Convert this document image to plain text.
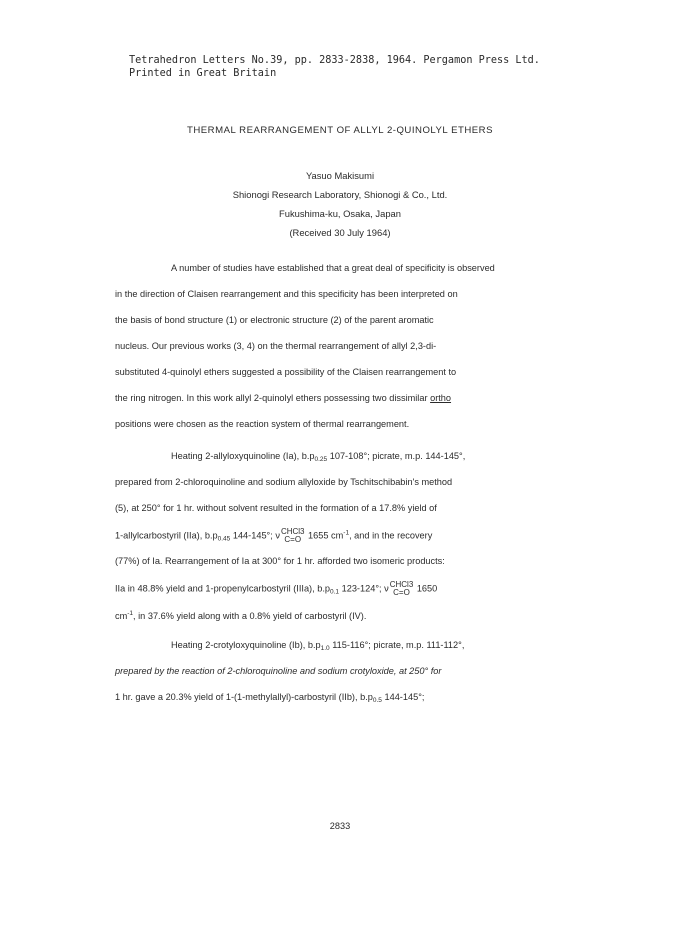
Tetrahedron Letters No.39, pp. 2833-2838, 1964. Pergamon Press Ltd.
Printed in Great Britain
THERMAL REARRANGEMENT OF ALLYL 2-QUINOLYL ETHERS
Yasuo Makisumi
Shionogi Research Laboratory, Shionogi & Co., Ltd.
Fukushima-ku, Osaka, Japan
(Received 30 July 1964)
A number of studies have established that a great deal of specificity is observed
in the direction of Claisen rearrangement and this specificity has been interpreted on
the basis of bond structure (1) or electronic structure (2) of the parent aromatic
nucleus. Our previous works (3, 4) on the thermal rearrangement of allyl 2,3-di-
substituted 4-quinolyl ethers suggested a possibility of the Claisen rearrangement to
the ring nitrogen. In this work allyl 2-quinolyl ethers possessing two dissimilar ortho
positions were chosen as the reaction system of thermal rearrangement.
Heating 2-allyloxyquinoline (Ia), $b.p_{0.25}$ 107-108°; picrate, m.p. 144-145°,
prepared from 2-chloroquinoline and sodium allyloxide by Tschitschibabin's method
(5), at 250° for 1 hr. without solvent resulted in the formation of a 17.8% yield of
1-allylcarbostyril (IIa), $b.p_{0.45}$ 144-145°; ν CHCl3
C=O 1655 $cm^{-1}$, and in the recovery
(77%) of Ia. Rearrangement of Ia at 300° for 1 hr. afforded two isomeric products:
IIa in 48.8% yield and 1-propenylcarbostyril (IIIa), $b.p_{0.1}$ 123-124°; ν CHCl3
C=O 1650
$cm^{-1}$, in 37.6% yield along with a 0.8% yield of carbostyril (IV).
Heating 2-crotyloxyquinoline (Ib), $b.p_{1.0}$ 115-116°; picrate, m.p. 111-112°,
prepared by the reaction of 2-chloroquinoline and sodium crotyloxide, at 250° for
1 hr. gave a 20.3% yield of 1-(1-methylallyl)-carbostyril (IIb), $b.p_{0.5}$ 144-145°;
2833
